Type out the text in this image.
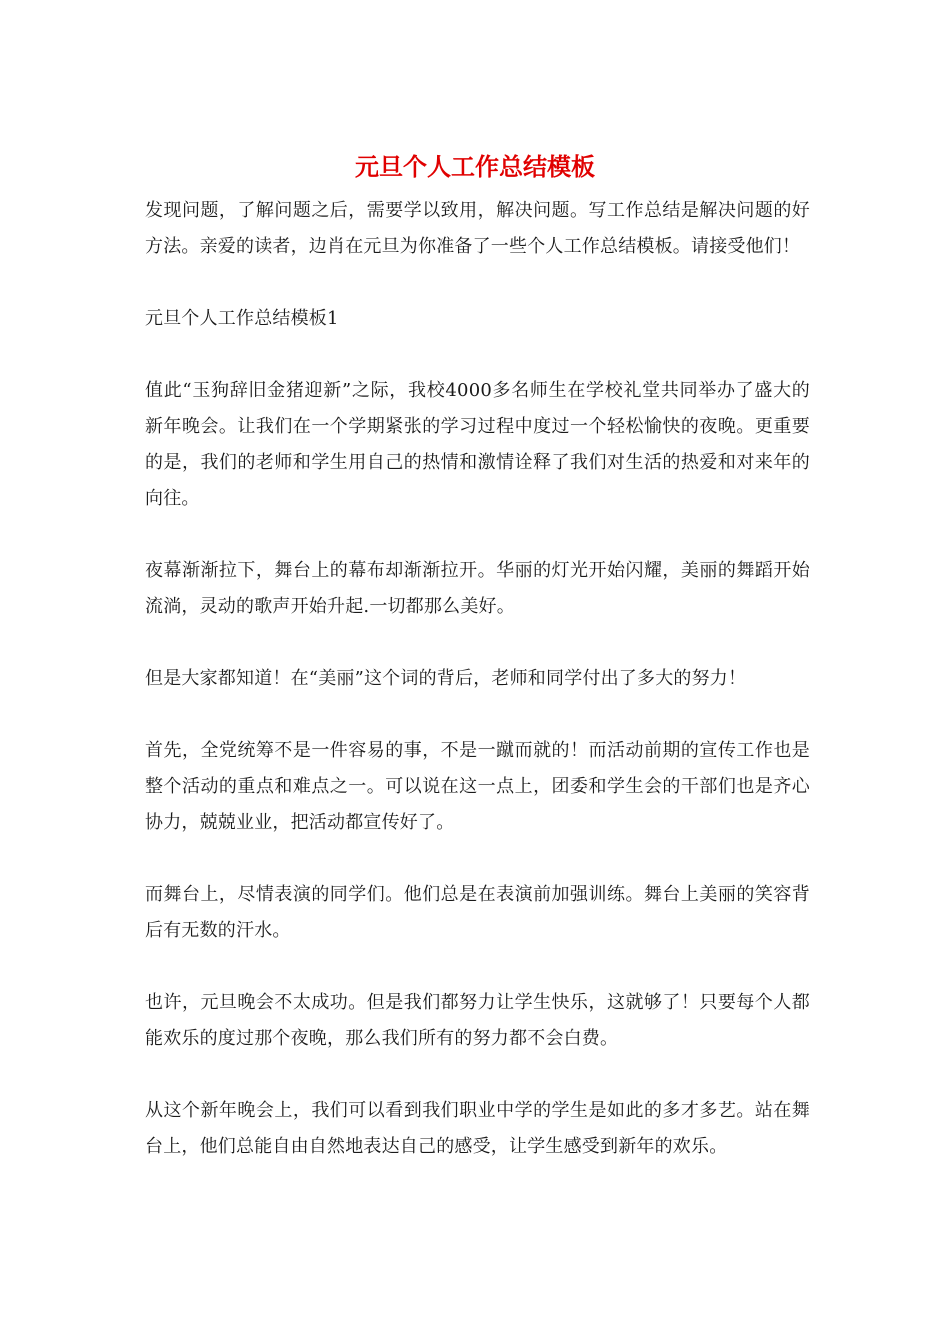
元旦个人工作总结模板

发现问题，了解问题之后，需要学以致用，解决问题。写工作总结是解决问题的好方法。亲爱的读者，边肖在元旦为你准备了一些个人工作总结模板。请接受他们！

元旦个人工作总结模板1

值此“玉狗辞旧金猪迎新”之际，我校4000多名师生在学校礼堂共同举办了盛大的新年晚会。让我们在一个学期紧张的学习过程中度过一个轻松愉快的夜晚。更重要的是，我们的老师和学生用自己的热情和激情诠释了我们对生活的热爱和对来年的向往。

夜幕渐渐拉下，舞台上的幕布却渐渐拉开。华丽的灯光开始闪耀，美丽的舞蹈开始流淌，灵动的歌声开始升起.一切都那么美好。

但是大家都知道！在“美丽”这个词的背后，老师和同学付出了多大的努力！

首先，全党统筹不是一件容易的事，不是一蹴而就的！而活动前期的宣传工作也是整个活动的重点和难点之一。可以说在这一点上，团委和学生会的干部们也是齐心协力，兢兢业业，把活动都宣传好了。

而舞台上，尽情表演的同学们。他们总是在表演前加强训练。舞台上美丽的笑容背后有无数的汗水。

也许，元旦晚会不太成功。但是我们都努力让学生快乐，这就够了！只要每个人都能欢乐的度过那个夜晚，那么我们所有的努力都不会白费。

从这个新年晚会上，我们可以看到我们职业中学的学生是如此的多才多艺。站在舞台上，他们总能自由自然地表达自己的感受，让学生感受到新年的欢乐。
